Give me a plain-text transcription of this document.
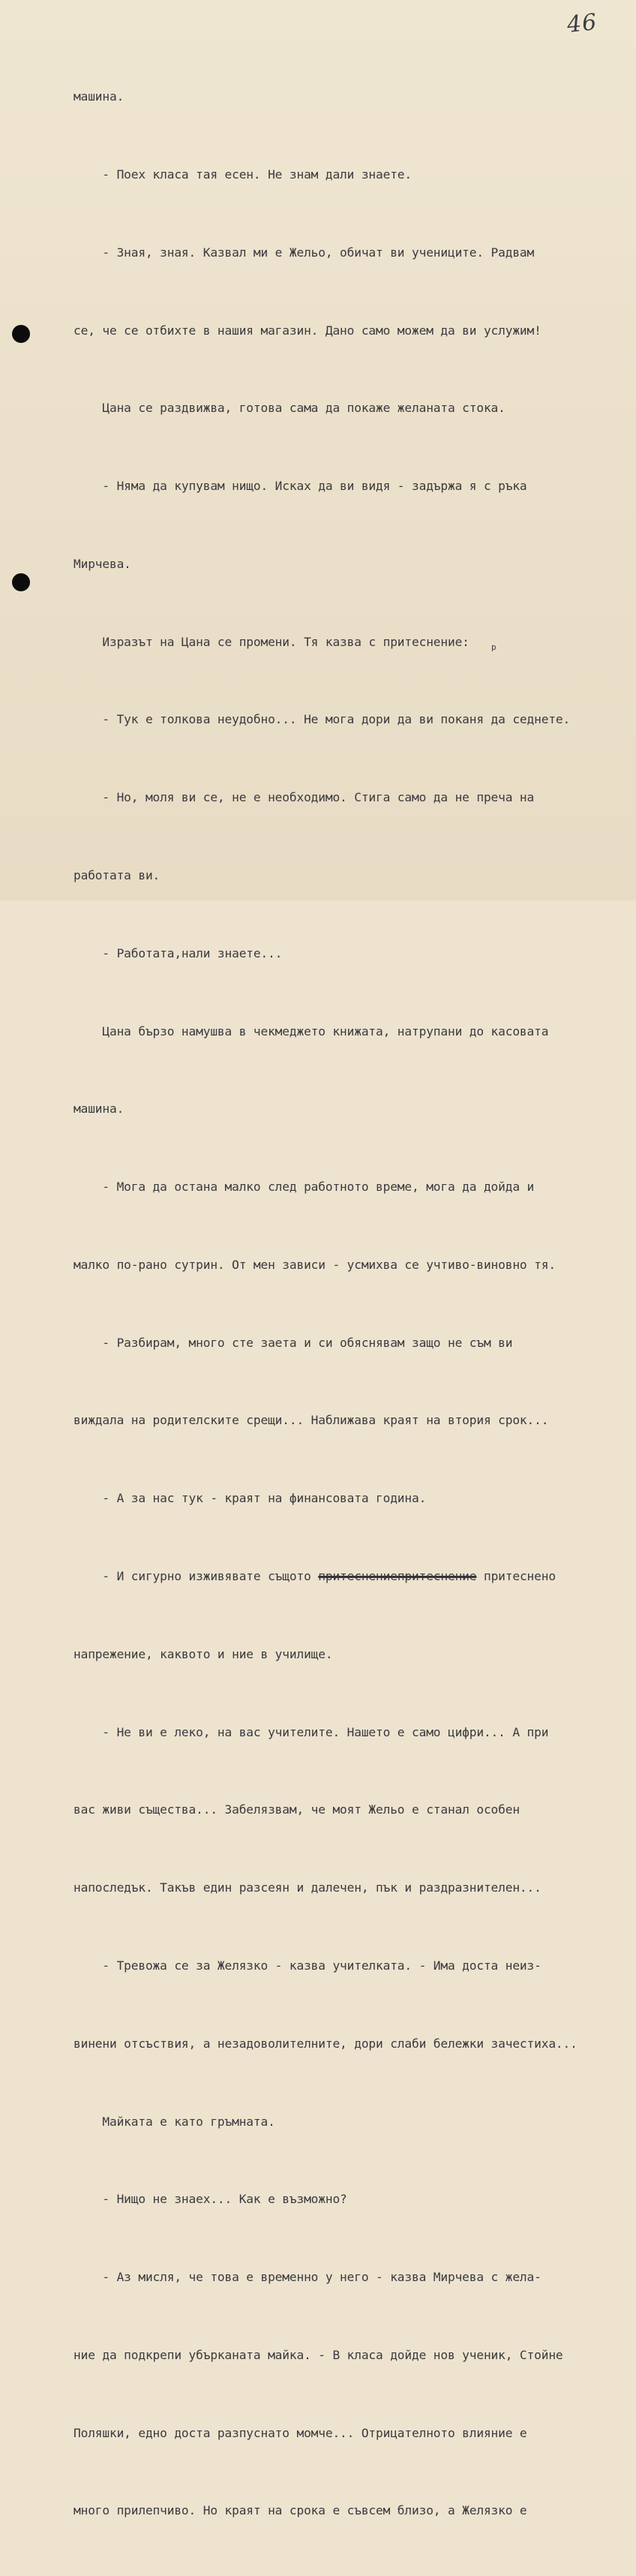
46

машина.

- Поех класа тая есен. Не знам дали знаете.

- Зная, зная. Казвал ми е Жельо, обичат ви учениците. Радвам

се, че се отбихте в нашия магазин. Дано само можем да ви услужим!

Цана се раздвижва, готова сама да покаже желаната стока.

- Няма да купувам нищо. Исках да ви видя - задържа я с ръка

Мирчева.

Изразът на Цана се промени. Тя казва с притеснение:

- Тук е толкова неудобно... Не мога дори да ви поканя да седнете.

- Но, моля ви се, не е необходимо. Стига само да не преча на

работата ви.

- Работата,нали знаете...

Цана бързо намушва в чекмеджето книжата, натрупани до касовата

машина.

- Мога да остана малко след работното време, мога да дойда и

малко по-рано сутрин. От мен зависи - усмихва се учтиво-виновно тя.

- Разбирам, много сте заета и си обяснявам защо не съм ви

виждала на родителските срещи... Наближава краят на втория срок...

- А за нас тук - краят на финансовата година.

- И сигурно изживявате същото притеснениепритеснение притеснено

напрежение, каквото и ние в училище.

- Не ви е леко, на вас учителите. Нашето е само цифри... А при

вас живи същества... Забелязвам, че моят Жельо е станал особен

напоследък. Такъв един разсеян и далечен, пък и раздразнителен...

- Тревожа се за Желязко - казва учителката. - Има доста неиз-

винени отсъствия, а незадоволителните, дори слаби бележки зачестиха...

Майката е като гръмната.

- Нищо не знаех... Как е възможно?

- Аз мисля, че това е временно у него - казва Мирчева с жела-

ние да подкрепи убърканата майка. - В класа дойде нов ученик, Стойне

Поляшки, едно доста разпуснато момче... Отрицателното влияние е

много прилепчиво. Но краят на срока е съвсем близо, а Желязко е

р
